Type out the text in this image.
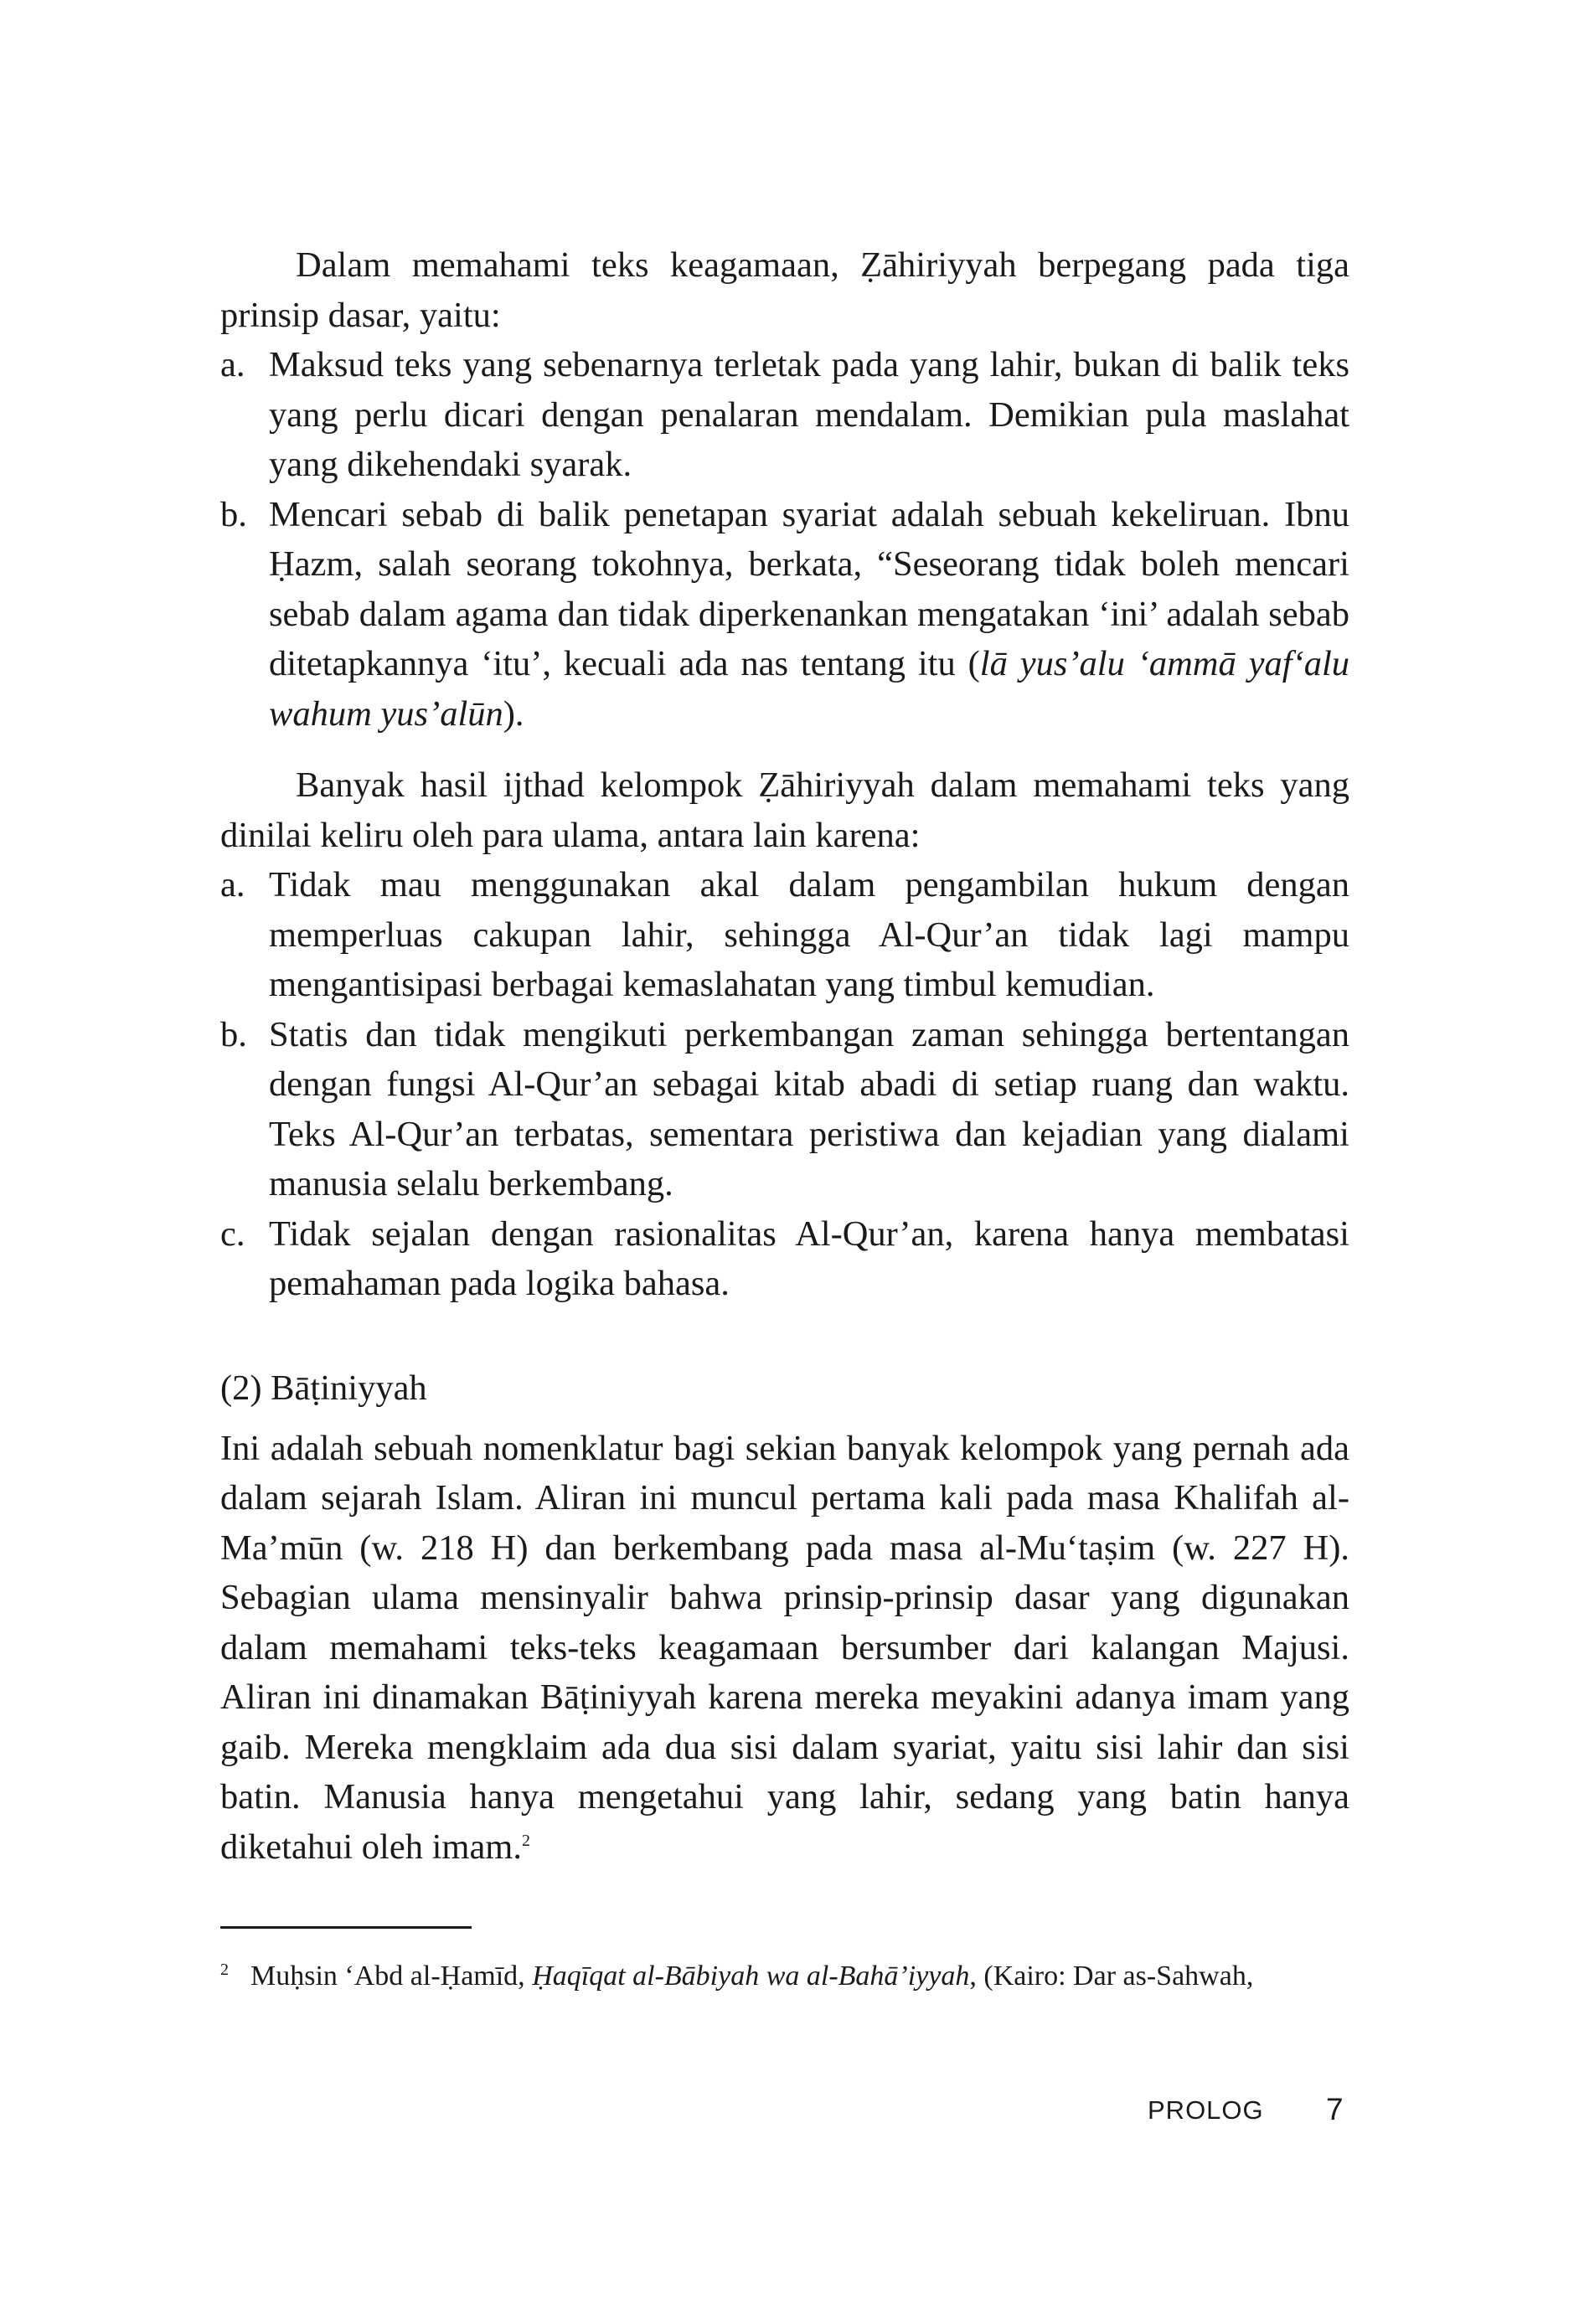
Dalam memahami teks keagamaan, Ẓāhiriyyah berpegang pada tiga prinsip dasar, yaitu:

a. Maksud teks yang sebenarnya terletak pada yang lahir, bukan di balik teks yang perlu dicari dengan penalaran mendalam. Demikian pula maslahat yang dikehendaki syarak.
b. Mencari sebab di balik penetapan syariat adalah sebuah kekeliruan. Ibnu Ḥazm, salah seorang tokohnya, berkata, “Seseorang tidak boleh mencari sebab dalam agama dan tidak diperkenankan mengatakan ‘ini’ adalah sebab ditetapkannya ‘itu’, kecuali ada nas tentang itu (lā yus’alu ‘ammā yaf‘alu wahum yus’alūn).

Banyak hasil ijthad kelompok Ẓāhiriyyah dalam memahami teks yang dinilai keliru oleh para ulama, antara lain karena:

a. Tidak mau menggunakan akal dalam pengambilan hukum dengan memperluas cakupan lahir, sehingga Al-Qur’an tidak lagi mampu mengantisipasi berbagai kemaslahatan yang timbul kemudian.
b. Statis dan tidak mengikuti perkembangan zaman sehingga bertentangan dengan fungsi Al-Qur’an sebagai kitab abadi di setiap ruang dan waktu. Teks Al-Qur’an terbatas, sementara peristiwa dan kejadian yang dialami manusia selalu berkembang.
c. Tidak sejalan dengan rasionalitas Al-Qur’an, karena hanya membatasi pemahaman pada logika bahasa.
(2) Bāṭiniyyah

Ini adalah sebuah nomenklatur bagi sekian banyak kelompok yang pernah ada dalam sejarah Islam. Aliran ini muncul pertama kali pada masa Khalifah al-Ma’mūn (w. 218 H) dan berkembang pada masa al-Mu‘taṣim (w. 227 H). Sebagian ulama mensinyalir bahwa prinsip-prinsip dasar yang digunakan dalam memahami teks-teks keagamaan bersumber dari kalangan Majusi. Aliran ini dinamakan Bāṭiniyyah karena mereka meyakini adanya imam yang gaib. Mereka mengklaim ada dua sisi dalam syariat, yaitu sisi lahir dan sisi batin. Manusia hanya mengetahui yang lahir, sedang yang batin hanya diketahui oleh imam.$^2$

2 Muḥsin ‘Abd al-Ḥamīd, Ḥaqīqat al-Bābiyah wa al-Bahā’iyyah, (Kairo: Dar as-Sahwah,
PROLOG 7
